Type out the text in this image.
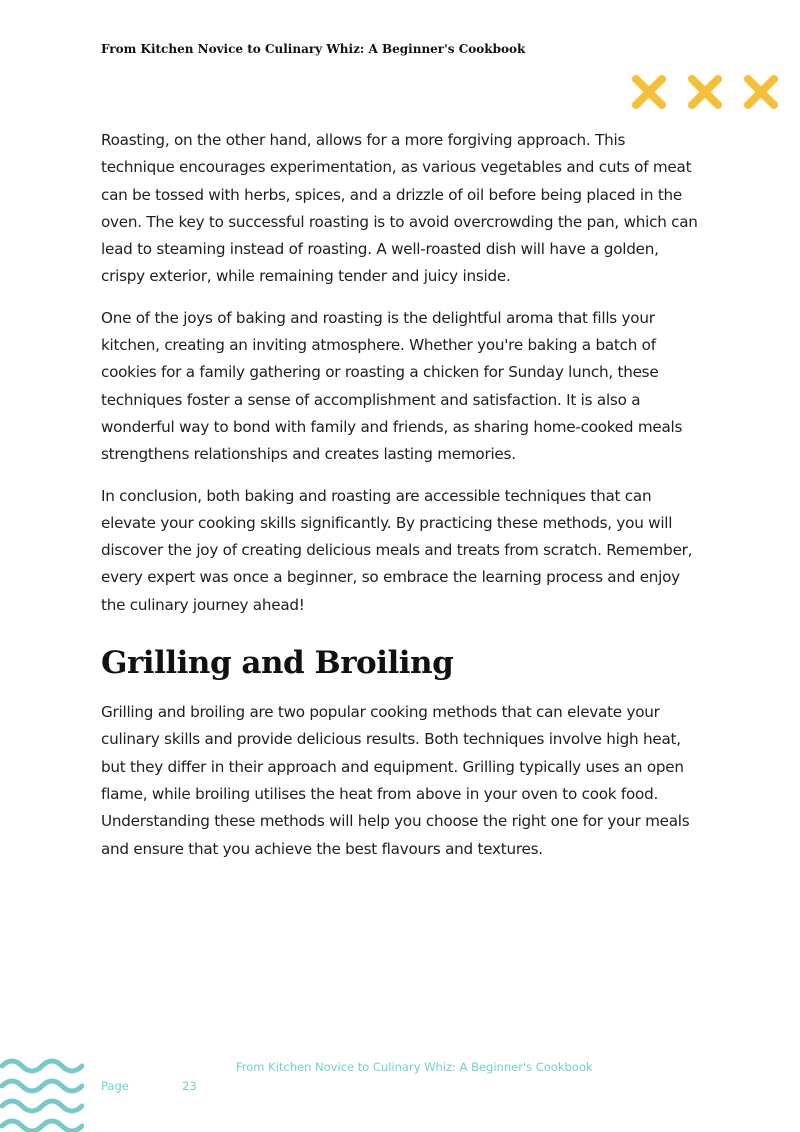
From Kitchen Novice to Culinary Whiz: A Beginner's Cookbook

Roasting, on the other hand, allows for a more forgiving approach. This technique encourages experimentation, as various vegetables and cuts of meat can be tossed with herbs, spices, and a drizzle of oil before being placed in the oven. The key to successful roasting is to avoid overcrowding the pan, which can lead to steaming instead of roasting. A well-roasted dish will have a golden, crispy exterior, while remaining tender and juicy inside.

One of the joys of baking and roasting is the delightful aroma that fills your kitchen, creating an inviting atmosphere. Whether you're baking a batch of cookies for a family gathering or roasting a chicken for Sunday lunch, these techniques foster a sense of accomplishment and satisfaction. It is also a wonderful way to bond with family and friends, as sharing home-cooked meals strengthens relationships and creates lasting memories.

In conclusion, both baking and roasting are accessible techniques that can elevate your cooking skills significantly. By practicing these methods, you will discover the joy of creating delicious meals and treats from scratch. Remember, every expert was once a beginner, so embrace the learning process and enjoy the culinary journey ahead!

Grilling and Broiling

Grilling and broiling are two popular cooking methods that can elevate your culinary skills and provide delicious results. Both techniques involve high heat, but they differ in their approach and equipment. Grilling typically uses an open flame, while broiling utilises the heat from above in your oven to cook food. Understanding these methods will help you choose the right one for your meals and ensure that you achieve the best flavours and textures.

From Kitchen Novice to Culinary Whiz: A Beginner's Cookbook
Page	23
